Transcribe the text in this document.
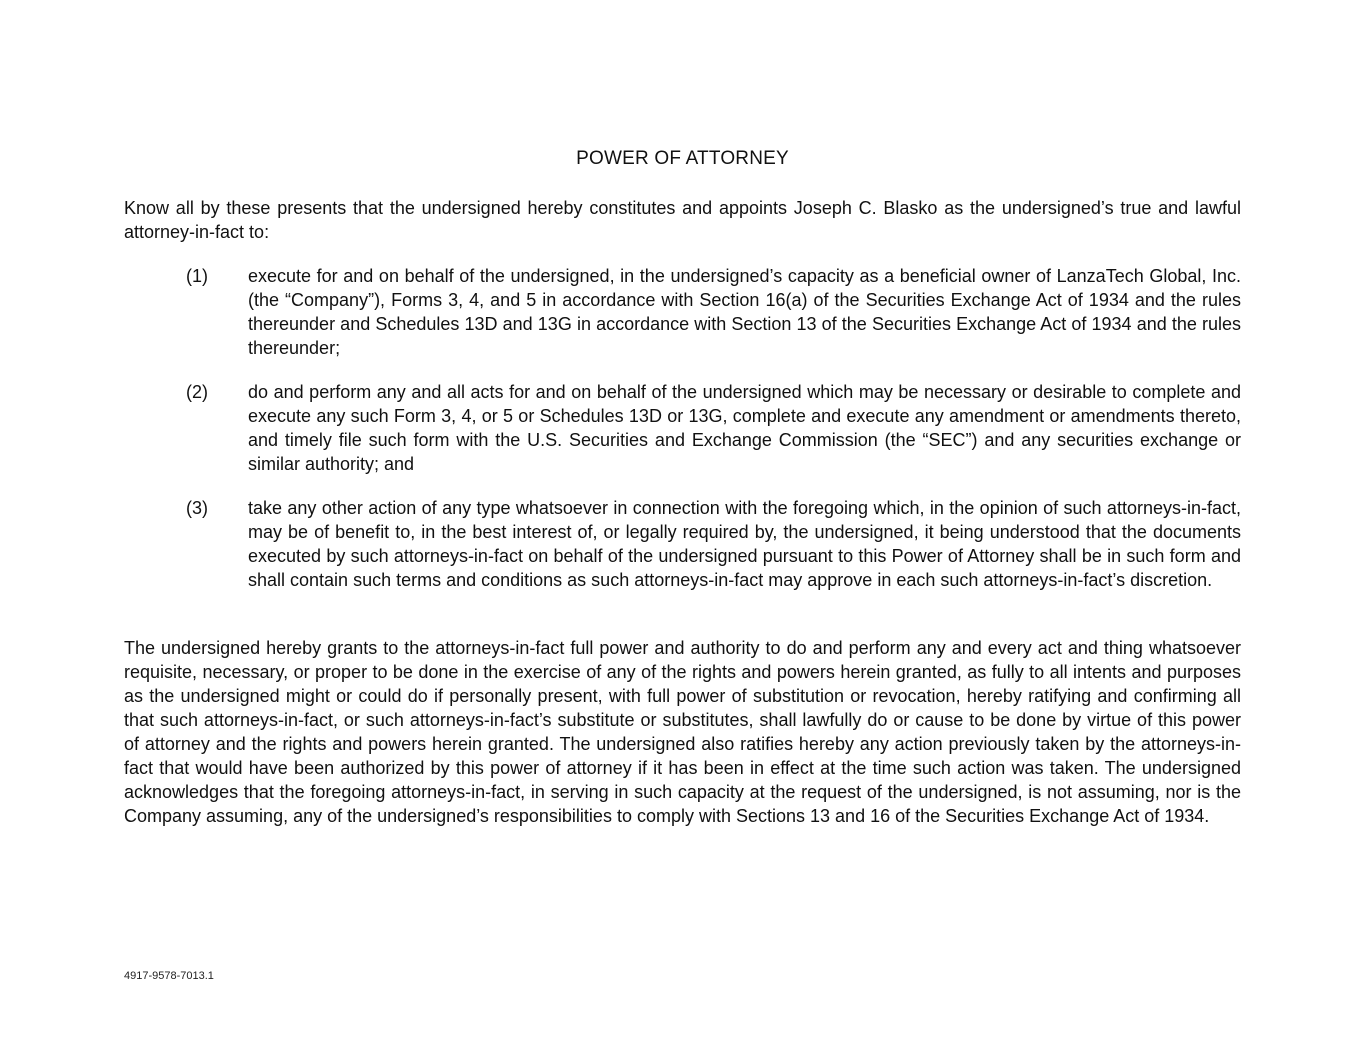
POWER OF ATTORNEY

Know all by these presents that the undersigned hereby constitutes and appoints Joseph C. Blasko as the undersigned’s true and lawful attorney-in-fact to:

(1) execute for and on behalf of the undersigned, in the undersigned’s capacity as a beneficial owner of LanzaTech Global, Inc. (the “Company”), Forms 3, 4, and 5 in accordance with Section 16(a) of the Securities Exchange Act of 1934 and the rules thereunder and Schedules 13D and 13G in accordance with Section 13 of the Securities Exchange Act of 1934 and the rules thereunder;

(2) do and perform any and all acts for and on behalf of the undersigned which may be necessary or desirable to complete and execute any such Form 3, 4, or 5 or Schedules 13D or 13G, complete and execute any amendment or amendments thereto, and timely file such form with the U.S. Securities and Exchange Commission (the “SEC”) and any securities exchange or similar authority; and

(3) take any other action of any type whatsoever in connection with the foregoing which, in the opinion of such attorneys-in-fact, may be of benefit to, in the best interest of, or legally required by, the undersigned, it being understood that the documents executed by such attorneys-in-fact on behalf of the undersigned pursuant to this Power of Attorney shall be in such form and shall contain such terms and conditions as such attorneys-in-fact may approve in each such attorneys-in-fact’s discretion.

The undersigned hereby grants to the attorneys-in-fact full power and authority to do and perform any and every act and thing whatsoever requisite, necessary, or proper to be done in the exercise of any of the rights and powers herein granted, as fully to all intents and purposes as the undersigned might or could do if personally present, with full power of substitution or revocation, hereby ratifying and confirming all that such attorneys-in-fact, or such attorneys-in-fact’s substitute or substitutes, shall lawfully do or cause to be done by virtue of this power of attorney and the rights and powers herein granted. The undersigned also ratifies hereby any action previously taken by the attorneys-in-fact that would have been authorized by this power of attorney if it has been in effect at the time such action was taken. The undersigned acknowledges that the foregoing attorneys-in-fact, in serving in such capacity at the request of the undersigned, is not assuming, nor is the Company assuming, any of the undersigned’s responsibilities to comply with Sections 13 and 16 of the Securities Exchange Act of 1934.

4917-9578-7013.1
